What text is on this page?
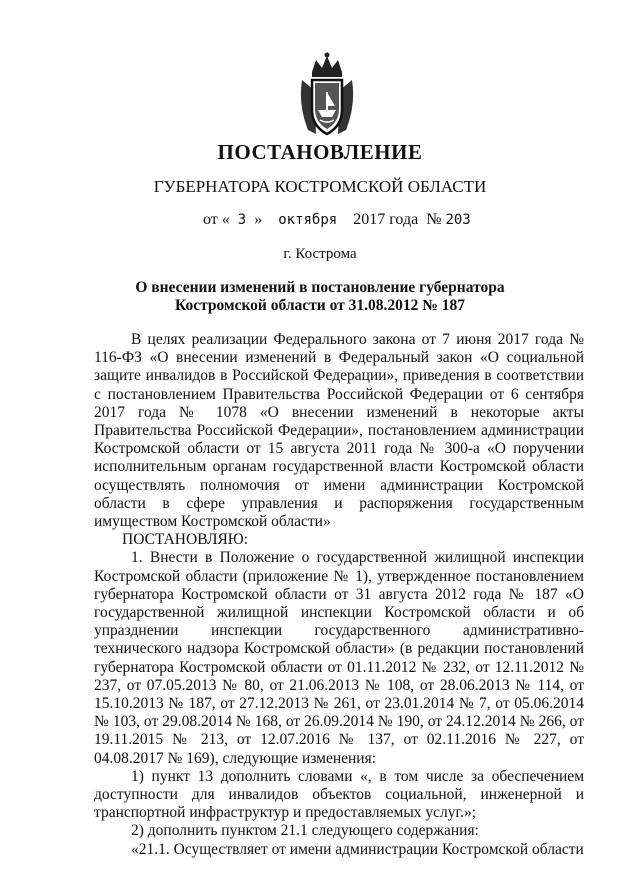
ПОСТАНОВЛЕНИЕ
ГУБЕРНАТОРА КОСТРОМСКОЙ ОБЛАСТИ
от « 3 » октября 2017 года № 203
г. Кострома
О внесении изменений в постановление губернатора
Костромской области от 31.08.2012 № 187

В целях реализации Федерального закона от 7 июня 2017 года № 116-ФЗ «О внесении изменений в Федеральный закон «О социальной защите инвалидов в Российской Федерации», приведения в соответствии с постановлением Правительства Российской Федерации от 6 сентября 2017 года № 1078 «О внесении изменений в некоторые акты Правительства Российской Федерации», постановлением администрации Костромской области от 15 августа 2011 года № 300-а «О поручении исполнительным органам государственной власти Костромской области осуществлять полномочия от имени администрации Костромской области в сфере управления и распоряжения государственным имуществом Костромской области»

ПОСТАНОВЛЯЮ:

1. Внести в Положение о государственной жилищной инспекции Костромской области (приложение № 1), утвержденное постановлением губернатора Костромской области от 31 августа 2012 года № 187 «О государственной жилищной инспекции Костромской области и об упразднении инспекции государственного административно-технического надзора Костромской области» (в редакции постановлений губернатора Костромской области от 01.11.2012 № 232, от 12.11.2012 № 237, от 07.05.2013 № 80, от 21.06.2013 № 108, от 28.06.2013 № 114, от 15.10.2013 № 187, от 27.12.2013 № 261, от 23.01.2014 № 7, от 05.06.2014 № 103, от 29.08.2014 № 168, от 26.09.2014 № 190, от 24.12.2014 № 266, от 19.11.2015 № 213, от 12.07.2016 № 137, от 02.11.2016 № 227, от 04.08.2017 № 169), следующие изменения:

1) пункт 13 дополнить словами «, в том числе за обеспечением доступности для инвалидов объектов социальной, инженерной и транспортной инфраструктур и предоставляемых услуг.»;

2) дополнить пунктом 21.1 следующего содержания:

«21.1. Осуществляет от имени администрации Костромской области
